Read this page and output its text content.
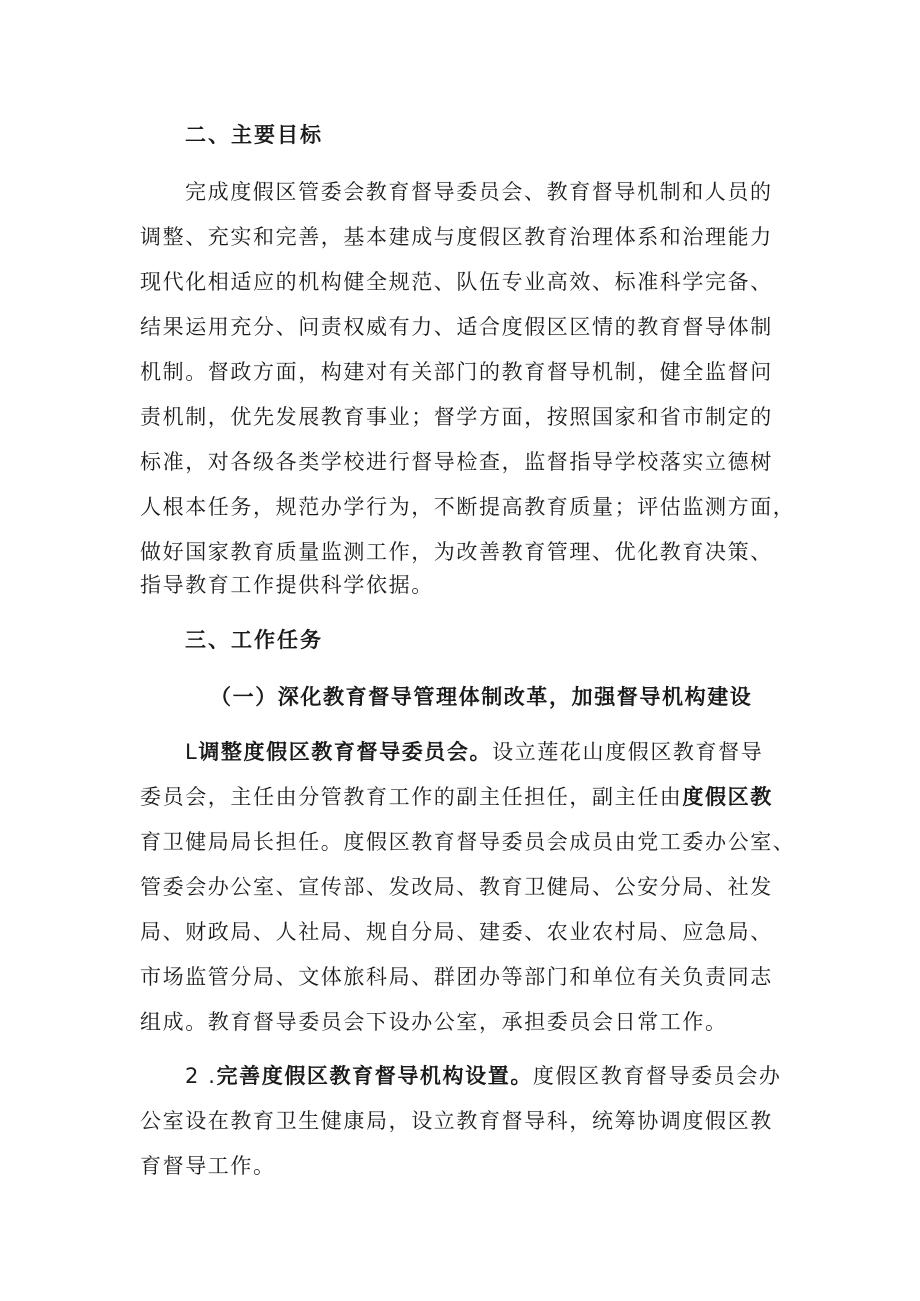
二、主要目标

完成度假区管委会教育督导委员会、教育督导机制和人员的

调整、充实和完善，基本建成与度假区教育治理体系和治理能力

现代化相适应的机构健全规范、队伍专业高效、标准科学完备、

结果运用充分、问责权威有力、适合度假区区情的教育督导体制

机制。督政方面，构建对有关部门的教育督导机制，健全监督问

责机制，优先发展教育事业；督学方面，按照国家和省市制定的

标准，对各级各类学校进行督导检查，监督指导学校落实立德树

人根本任务，规范办学行为，不断提高教育质量；评估监测方面，

做好国家教育质量监测工作，为改善教育管理、优化教育决策、

指导教育工作提供科学依据。

三、工作任务

（一）深化教育督导管理体制改革，加强督导机构建设

L调整度假区教育督导委员会。设立莲花山度假区教育督导

委员会，主任由分管教育工作的副主任担任，副主任由度假区教

育卫健局局长担任。度假区教育督导委员会成员由党工委办公室、

管委会办公室、宣传部、发改局、教育卫健局、公安分局、社发

局、财政局、人社局、规自分局、建委、农业农村局、应急局、

市场监管分局、文体旅科局、群团办等部门和单位有关负责同志

组成。教育督导委员会下设办公室，承担委员会日常工作。

2 .完善度假区教育督导机构设置。度假区教育督导委员会办

公室设在教育卫生健康局，设立教育督导科，统筹协调度假区教

育督导工作。
